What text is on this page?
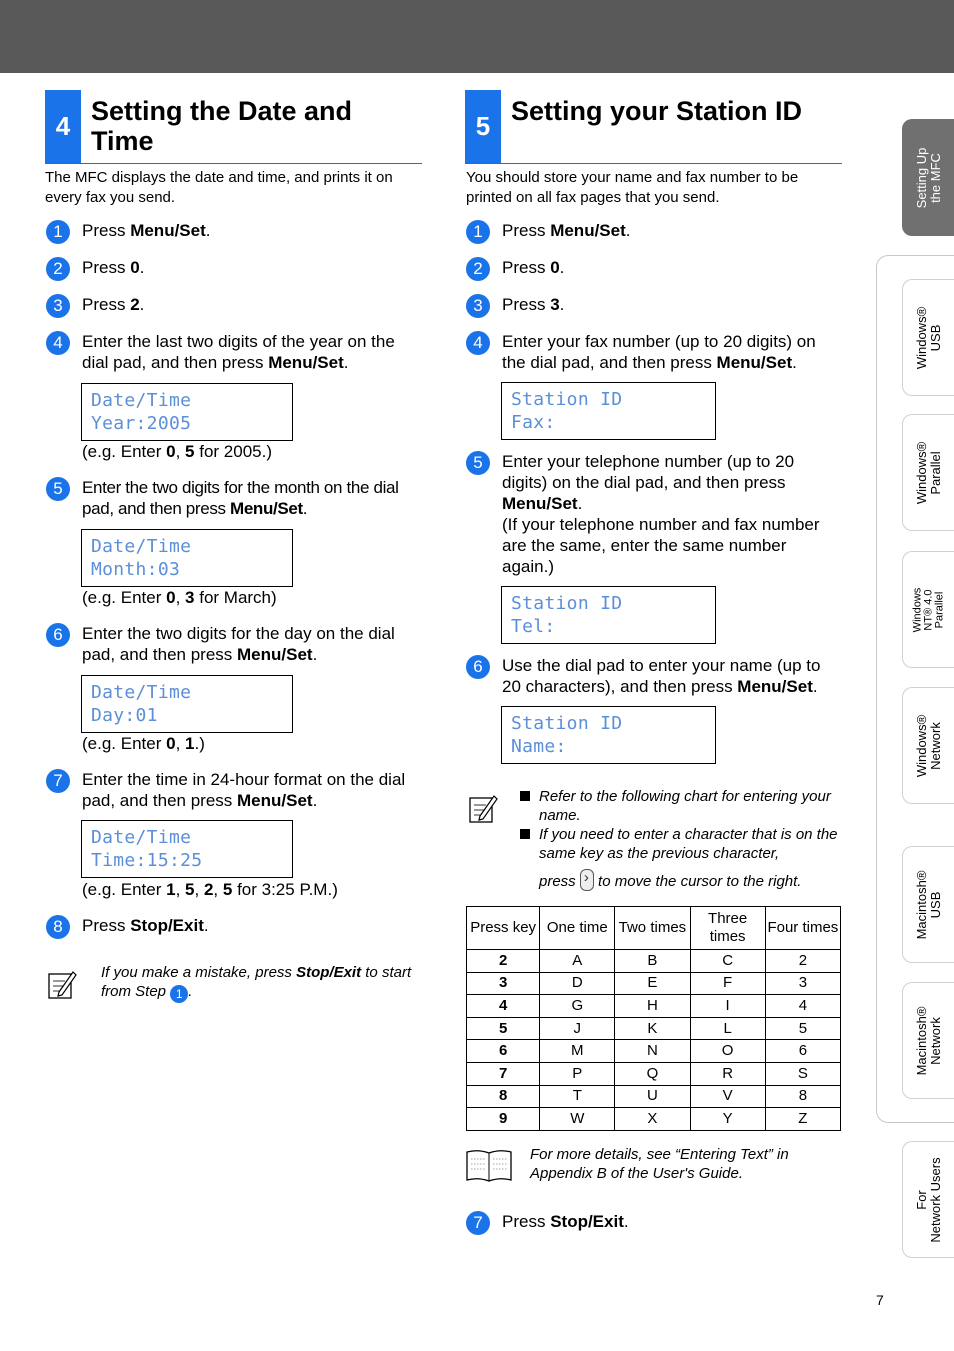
4 Setting the Date and Time
The MFC displays the date and time, and prints it on every fax you send.
1	Press Menu/Set.
2	Press 0.
3	Press 2.
4	Enter the last two digits of the year on the dial pad, and then press Menu/Set.
Date/Time
Year:2005
(e.g. Enter 0, 5 for 2005.)
5	Enter the two digits for the month on the dial pad, and then press Menu/Set.
Date/Time
Month:03
(e.g. Enter 0, 3 for March)
6	Enter the two digits for the day on the dial pad, and then press Menu/Set.
Date/Time
Day:01
(e.g. Enter 0, 1.)
7	Enter the time in 24-hour format on the dial pad, and then press Menu/Set.
Date/Time
Time:15:25
(e.g. Enter 1, 5, 2, 5 for 3:25 P.M.)
8	Press Stop/Exit.
If you make a mistake, press Stop/Exit to start from Step 1 .
5 Setting your Station ID
You should store your name and fax number to be printed on all fax pages that you send.
1	Press Menu/Set.
2	Press 0.
3	Press 3.
4	Enter your fax number (up to 20 digits) on the dial pad, and then press Menu/Set.
Station ID
Fax:
5	Enter your telephone number (up to 20 digits) on the dial pad, and then press Menu/Set.
(If your telephone number and fax number are the same, enter the same number again.)
Station ID
Tel:
6	Use the dial pad to enter your name (up to 20 characters), and then press Menu/Set.
Station ID
Name:
Refer to the following chart for entering your name.
If you need to enter a character that is on the same key as the previous character,
press › to move the cursor to the right.
Press key	One time	Two times	Three times	Four times
2	A	B	C	2
3	D	E	F	3
4	G	H	I	4
5	J	K	L	5
6	M	N	O	6
7	P	Q	R	S
8	T	U	V	8
9	W	X	Y	Z
For more details, see “Entering Text” in Appendix B of the User's Guide.
7	Press Stop/Exit.
Setting Up
the MFC
Windows®
USB
Windows®
Parallel
Windows
NT® 4.0
Parallel
Windows®
Network
Macintosh®
USB
Macintosh®
Network
For
Network Users
7
